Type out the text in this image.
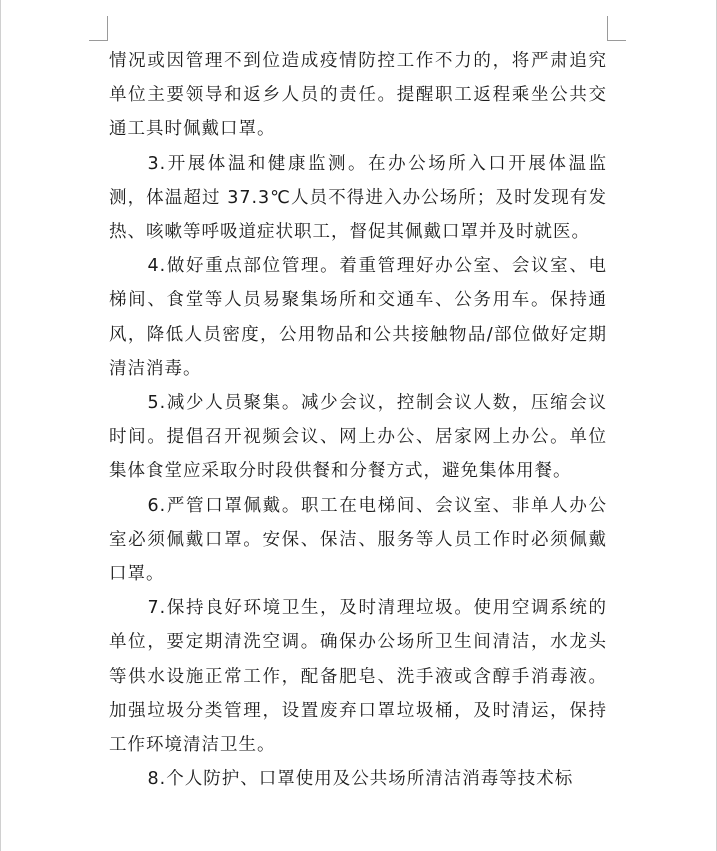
情况或因管理不到位造成疫情防控工作不力的，将严肃追究单位主要领导和返乡人员的责任。提醒职工返程乘坐公共交通工具时佩戴口罩。

3.开展体温和健康监测。在办公场所入口开展体温监测，体温超过 37.3℃人员不得进入办公场所；及时发现有发热、咳嗽等呼吸道症状职工，督促其佩戴口罩并及时就医。

4.做好重点部位管理。着重管理好办公室、会议室、电梯间、食堂等人员易聚集场所和交通车、公务用车。保持通风，降低人员密度，公用物品和公共接触物品/部位做好定期清洁消毒。

5.减少人员聚集。减少会议，控制会议人数，压缩会议时间。提倡召开视频会议、网上办公、居家网上办公。单位集体食堂应采取分时段供餐和分餐方式，避免集体用餐。

6.严管口罩佩戴。职工在电梯间、会议室、非单人办公室必须佩戴口罩。安保、保洁、服务等人员工作时必须佩戴口罩。

7.保持良好环境卫生，及时清理垃圾。使用空调系统的单位，要定期清洗空调。确保办公场所卫生间清洁，水龙头等供水设施正常工作，配备肥皂、洗手液或含醇手消毒液。加强垃圾分类管理，设置废弃口罩垃圾桶，及时清运，保持工作环境清洁卫生。

8.个人防护、口罩使用及公共场所清洁消毒等技术标
